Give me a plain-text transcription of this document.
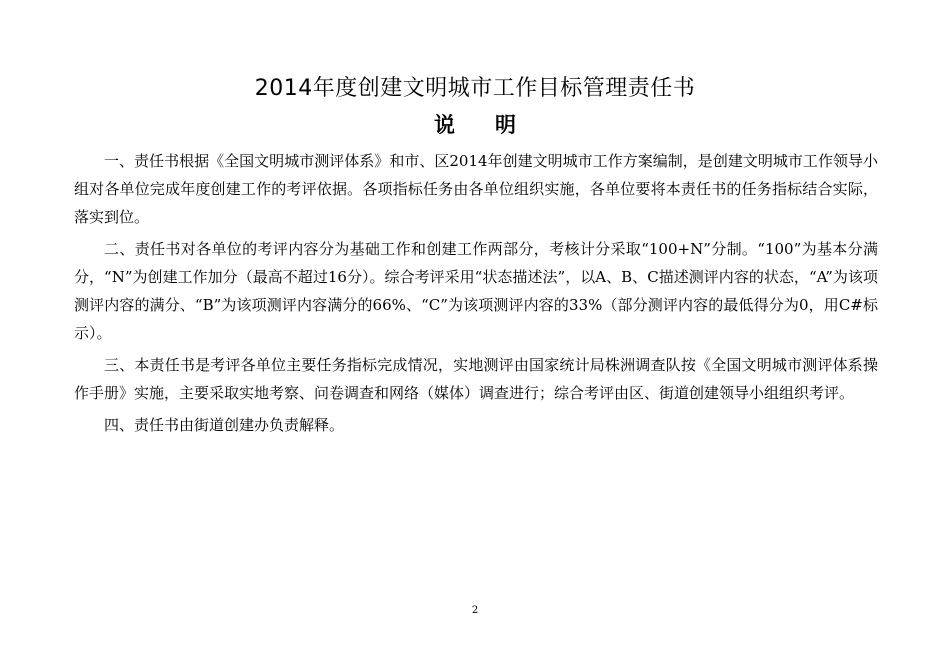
2014年度创建文明城市工作目标管理责任书
说 明

一、责任书根据《全国文明城市测评体系》和市、区2014年创建文明城市工作方案编制，是创建文明城市工作领导小组对各单位完成年度创建工作的考评依据。各项指标任务由各单位组织实施，各单位要将本责任书的任务指标结合实际，落实到位。

二、责任书对各单位的考评内容分为基础工作和创建工作两部分，考核计分采取“100+N”分制。“100”为基本分满分，“N”为创建工作加分（最高不超过16分）。综合考评采用“状态描述法”，以A、B、C描述测评内容的状态，“A”为该项测评内容的满分、“B”为该项测评内容满分的66%、“C”为该项测评内容的33%（部分测评内容的最低得分为0，用C#标示）。

三、本责任书是考评各单位主要任务指标完成情况，实地测评由国家统计局株洲调查队按《全国文明城市测评体系操作手册》实施，主要采取实地考察、问卷调查和网络（媒体）调查进行；综合考评由区、街道创建领导小组组织考评。

四、责任书由街道创建办负责解释。

2
